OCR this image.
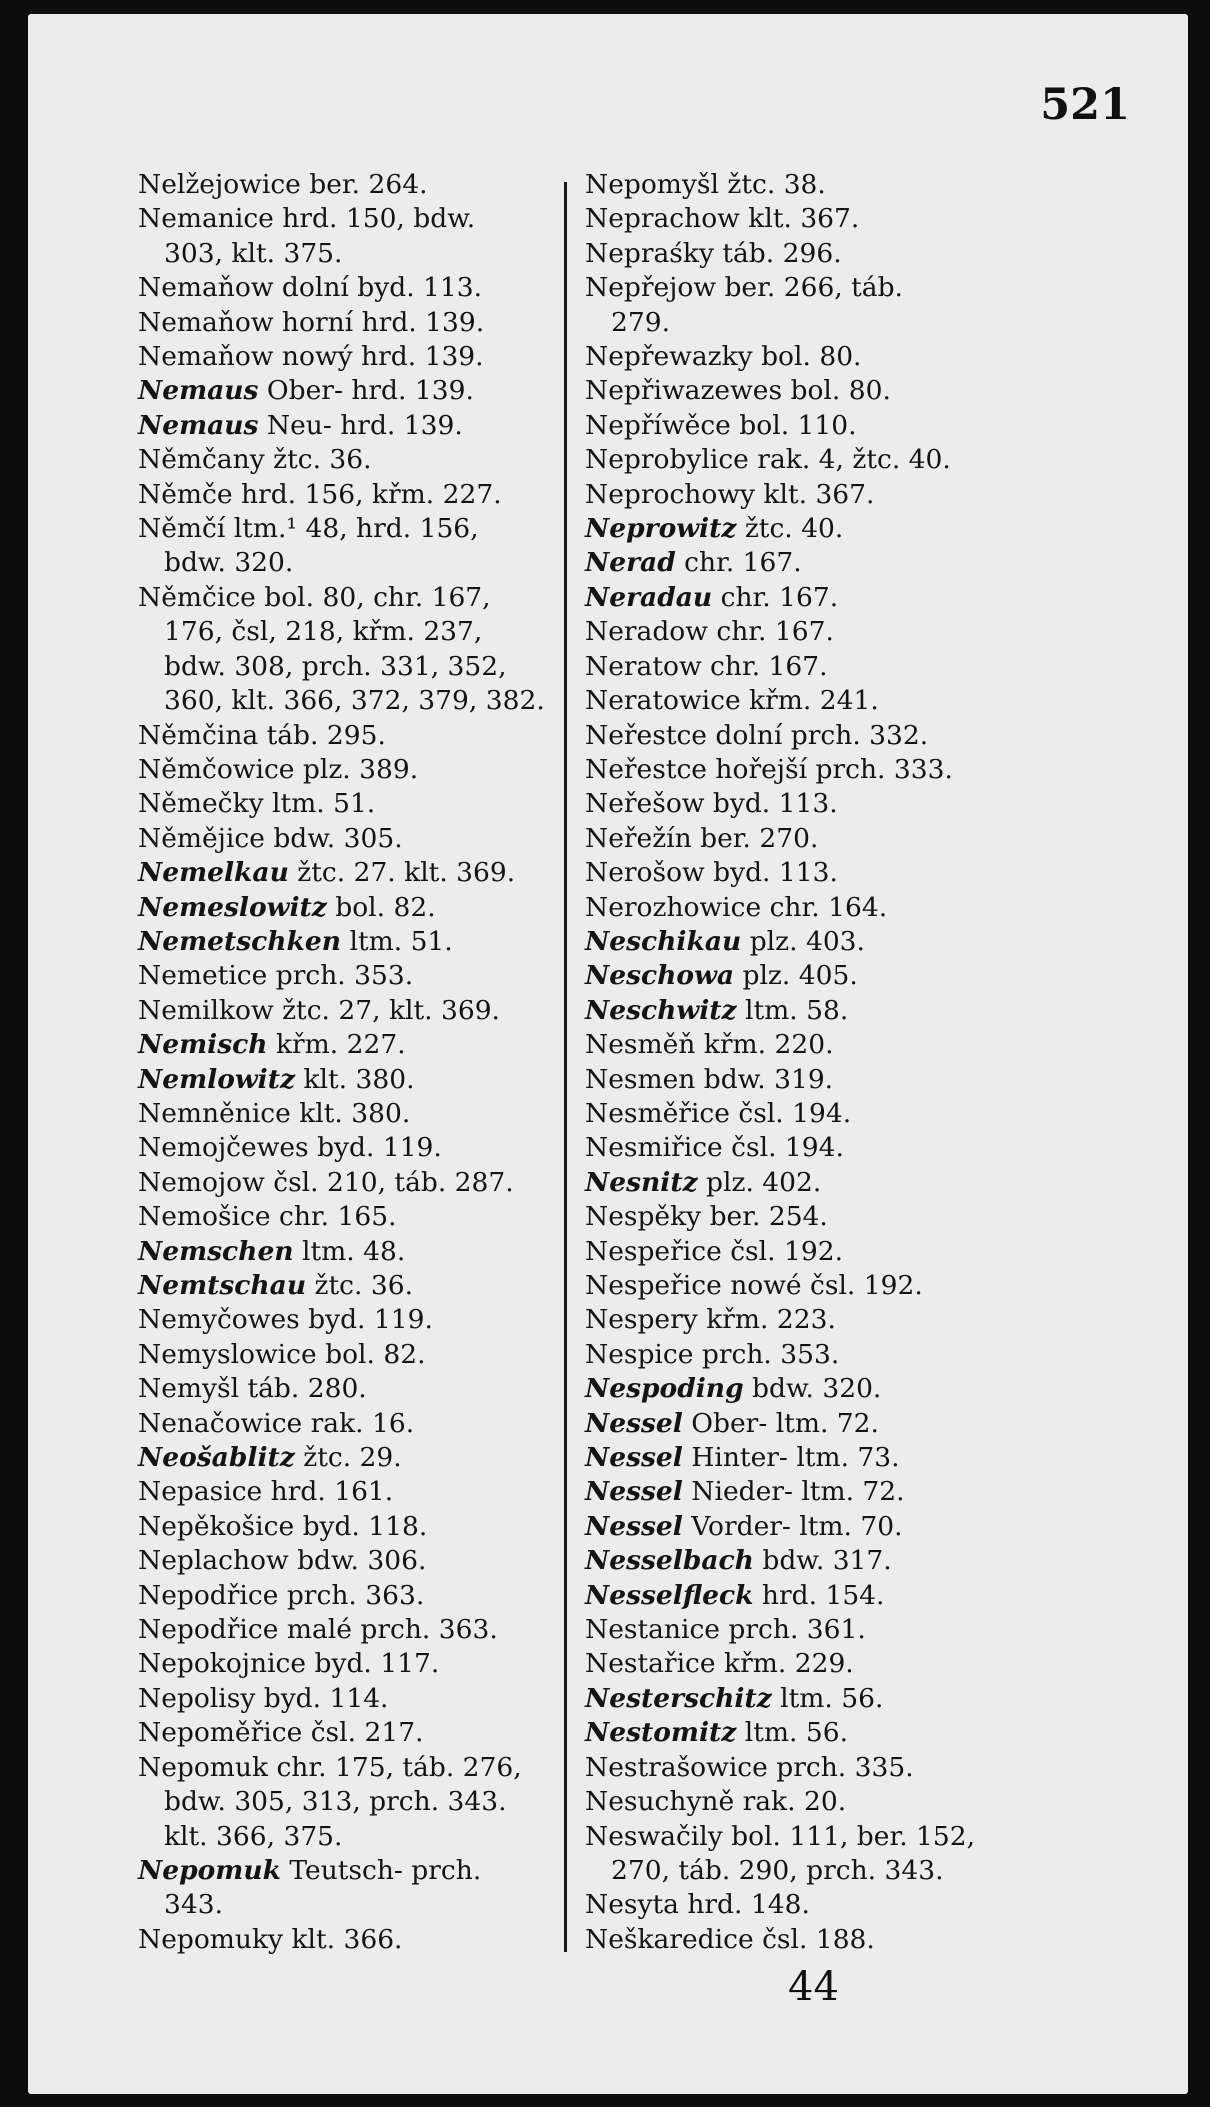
521
Nelžejowice ber. 264.
Nemanice hrd. 150, bdw.
303, klt. 375.
Nemaňow dolní byd. 113.
Nemaňow horní hrd. 139.
Nemaňow nowý hrd. 139.
Nemaus Ober- hrd. 139.
Nemaus Neu- hrd. 139.
Němčany žtc. 36.
Němče hrd. 156, křm. 227.
Němčí ltm.¹ 48, hrd. 156,
bdw. 320.
Němčice bol. 80, chr. 167,
176, čsl, 218, křm. 237,
bdw. 308, prch. 331, 352,
360, klt. 366, 372, 379, 382.
Němčina táb. 295.
Němčowice plz. 389.
Němečky ltm. 51.
Němějice bdw. 305.
Nemelkau žtc. 27. klt. 369.
Nemeslowitz bol. 82.
Nemetschken ltm. 51.
Nemetice prch. 353.
Nemilkow žtc. 27, klt. 369.
Nemisch křm. 227.
Nemlowitz klt. 380.
Nemněnice klt. 380.
Nemojčewes byd. 119.
Nemojow čsl. 210, táb. 287.
Nemošice chr. 165.
Nemschen ltm. 48.
Nemtschau žtc. 36.
Nemyčowes byd. 119.
Nemyslowice bol. 82.
Nemyšl táb. 280.
Nenačowice rak. 16.
Neošablitz žtc. 29.
Nepasice hrd. 161.
Nepěkošice byd. 118.
Neplachow bdw. 306.
Nepodřice prch. 363.
Nepodřice malé prch. 363.
Nepokojnice byd. 117.
Nepolisy byd. 114.
Nepoměřice čsl. 217.
Nepomuk chr. 175, táb. 276,
bdw. 305, 313, prch. 343.
klt. 366, 375.
Nepomuk Teutsch- prch.
343.
Nepomuky klt. 366.
Nepomyšl žtc. 38.
Neprachow klt. 367.
Nepraśky táb. 296.
Nepřejow ber. 266, táb.
279.
Nepřewazky bol. 80.
Nepřiwazewes bol. 80.
Nepříwěce bol. 110.
Neprobylice rak. 4, žtc. 40.
Neprochowy klt. 367.
Neprowitz žtc. 40.
Nerad chr. 167.
Neradau chr. 167.
Neradow chr. 167.
Neratow chr. 167.
Neratowice křm. 241.
Neřestce dolní prch. 332.
Neřestce hořejší prch. 333.
Neřešow byd. 113.
Neřežín ber. 270.
Nerošow byd. 113.
Nerozhowice chr. 164.
Neschikau plz. 403.
Neschowa plz. 405.
Neschwitz ltm. 58.
Nesměň křm. 220.
Nesmen bdw. 319.
Nesměřice čsl. 194.
Nesmiřice čsl. 194.
Nesnitz plz. 402.
Nespěky ber. 254.
Nespeřice čsl. 192.
Nespeřice nowé čsl. 192.
Nespery křm. 223.
Nespice prch. 353.
Nespoding bdw. 320.
Nessel Ober- ltm. 72.
Nessel Hinter- ltm. 73.
Nessel Nieder- ltm. 72.
Nessel Vorder- ltm. 70.
Nesselbach bdw. 317.
Nesselfleck hrd. 154.
Nestanice prch. 361.
Nestařice křm. 229.
Nesterschitz ltm. 56.
Nestomitz ltm. 56.
Nestrašowice prch. 335.
Nesuchyně rak. 20.
Neswačily bol. 111, ber. 152,
270, táb. 290, prch. 343.
Nesyta hrd. 148.
Neškaredice čsl. 188.
44
